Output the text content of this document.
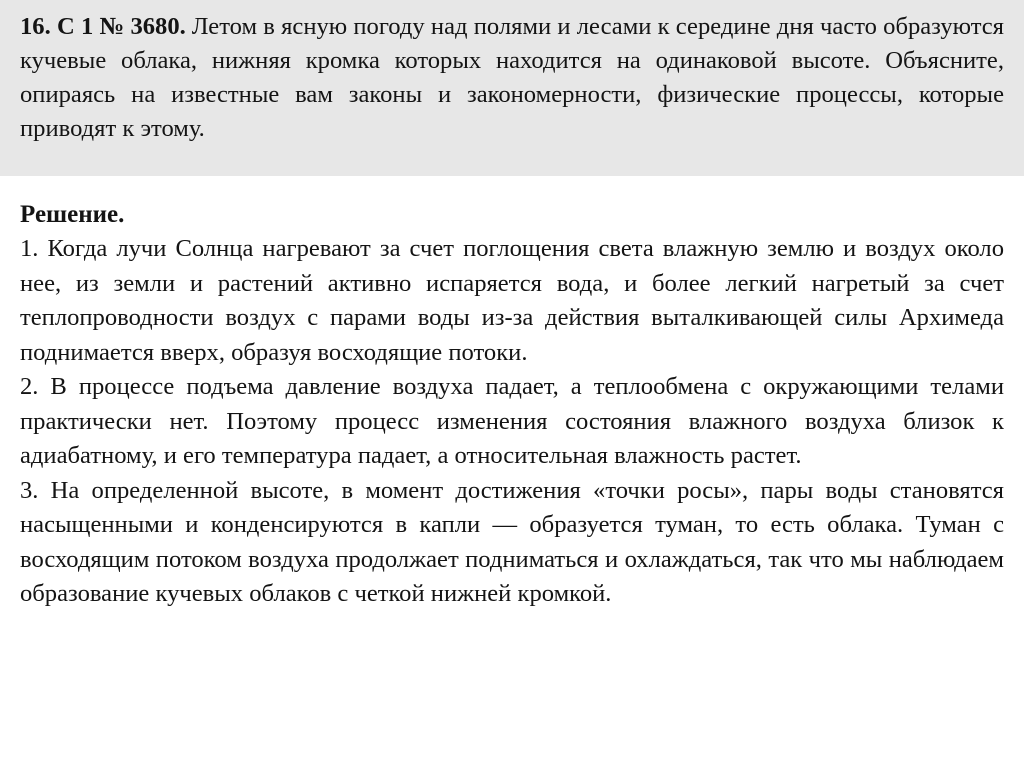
16. С 1 № 3680. Летом в ясную погоду над полями и лесами к середине дня часто образуются кучевые облака, нижняя кромка которых находится на одинаковой высоте. Объясните, опираясь на известные вам законы и закономерности, физические процессы, которые приводят к этому.

Решение.

1. Когда лучи Солнца нагревают за счет поглощения света влажную землю и воздух около нее, из земли и растений активно испаряется вода, и более легкий нагретый за счет теплопроводности воздух с парами воды из-за действия выталкивающей силы Архимеда поднимается вверх, образуя восходящие потоки.

2. В процессе подъема давление воздуха падает, а теплообмена с окружающими телами практически нет. Поэтому процесс изменения состояния влажного воздуха близок к адиабатному, и его температура падает, а относительная влажность растет.

3. На определенной высоте, в момент достижения «точки росы», пары воды становятся насыщенными и конденсируются в капли — образуется туман, то есть облака. Туман с восходящим потоком воздуха продолжает подниматься и охлаждаться, так что мы наблюдаем образование кучевых облаков с четкой нижней кромкой.
